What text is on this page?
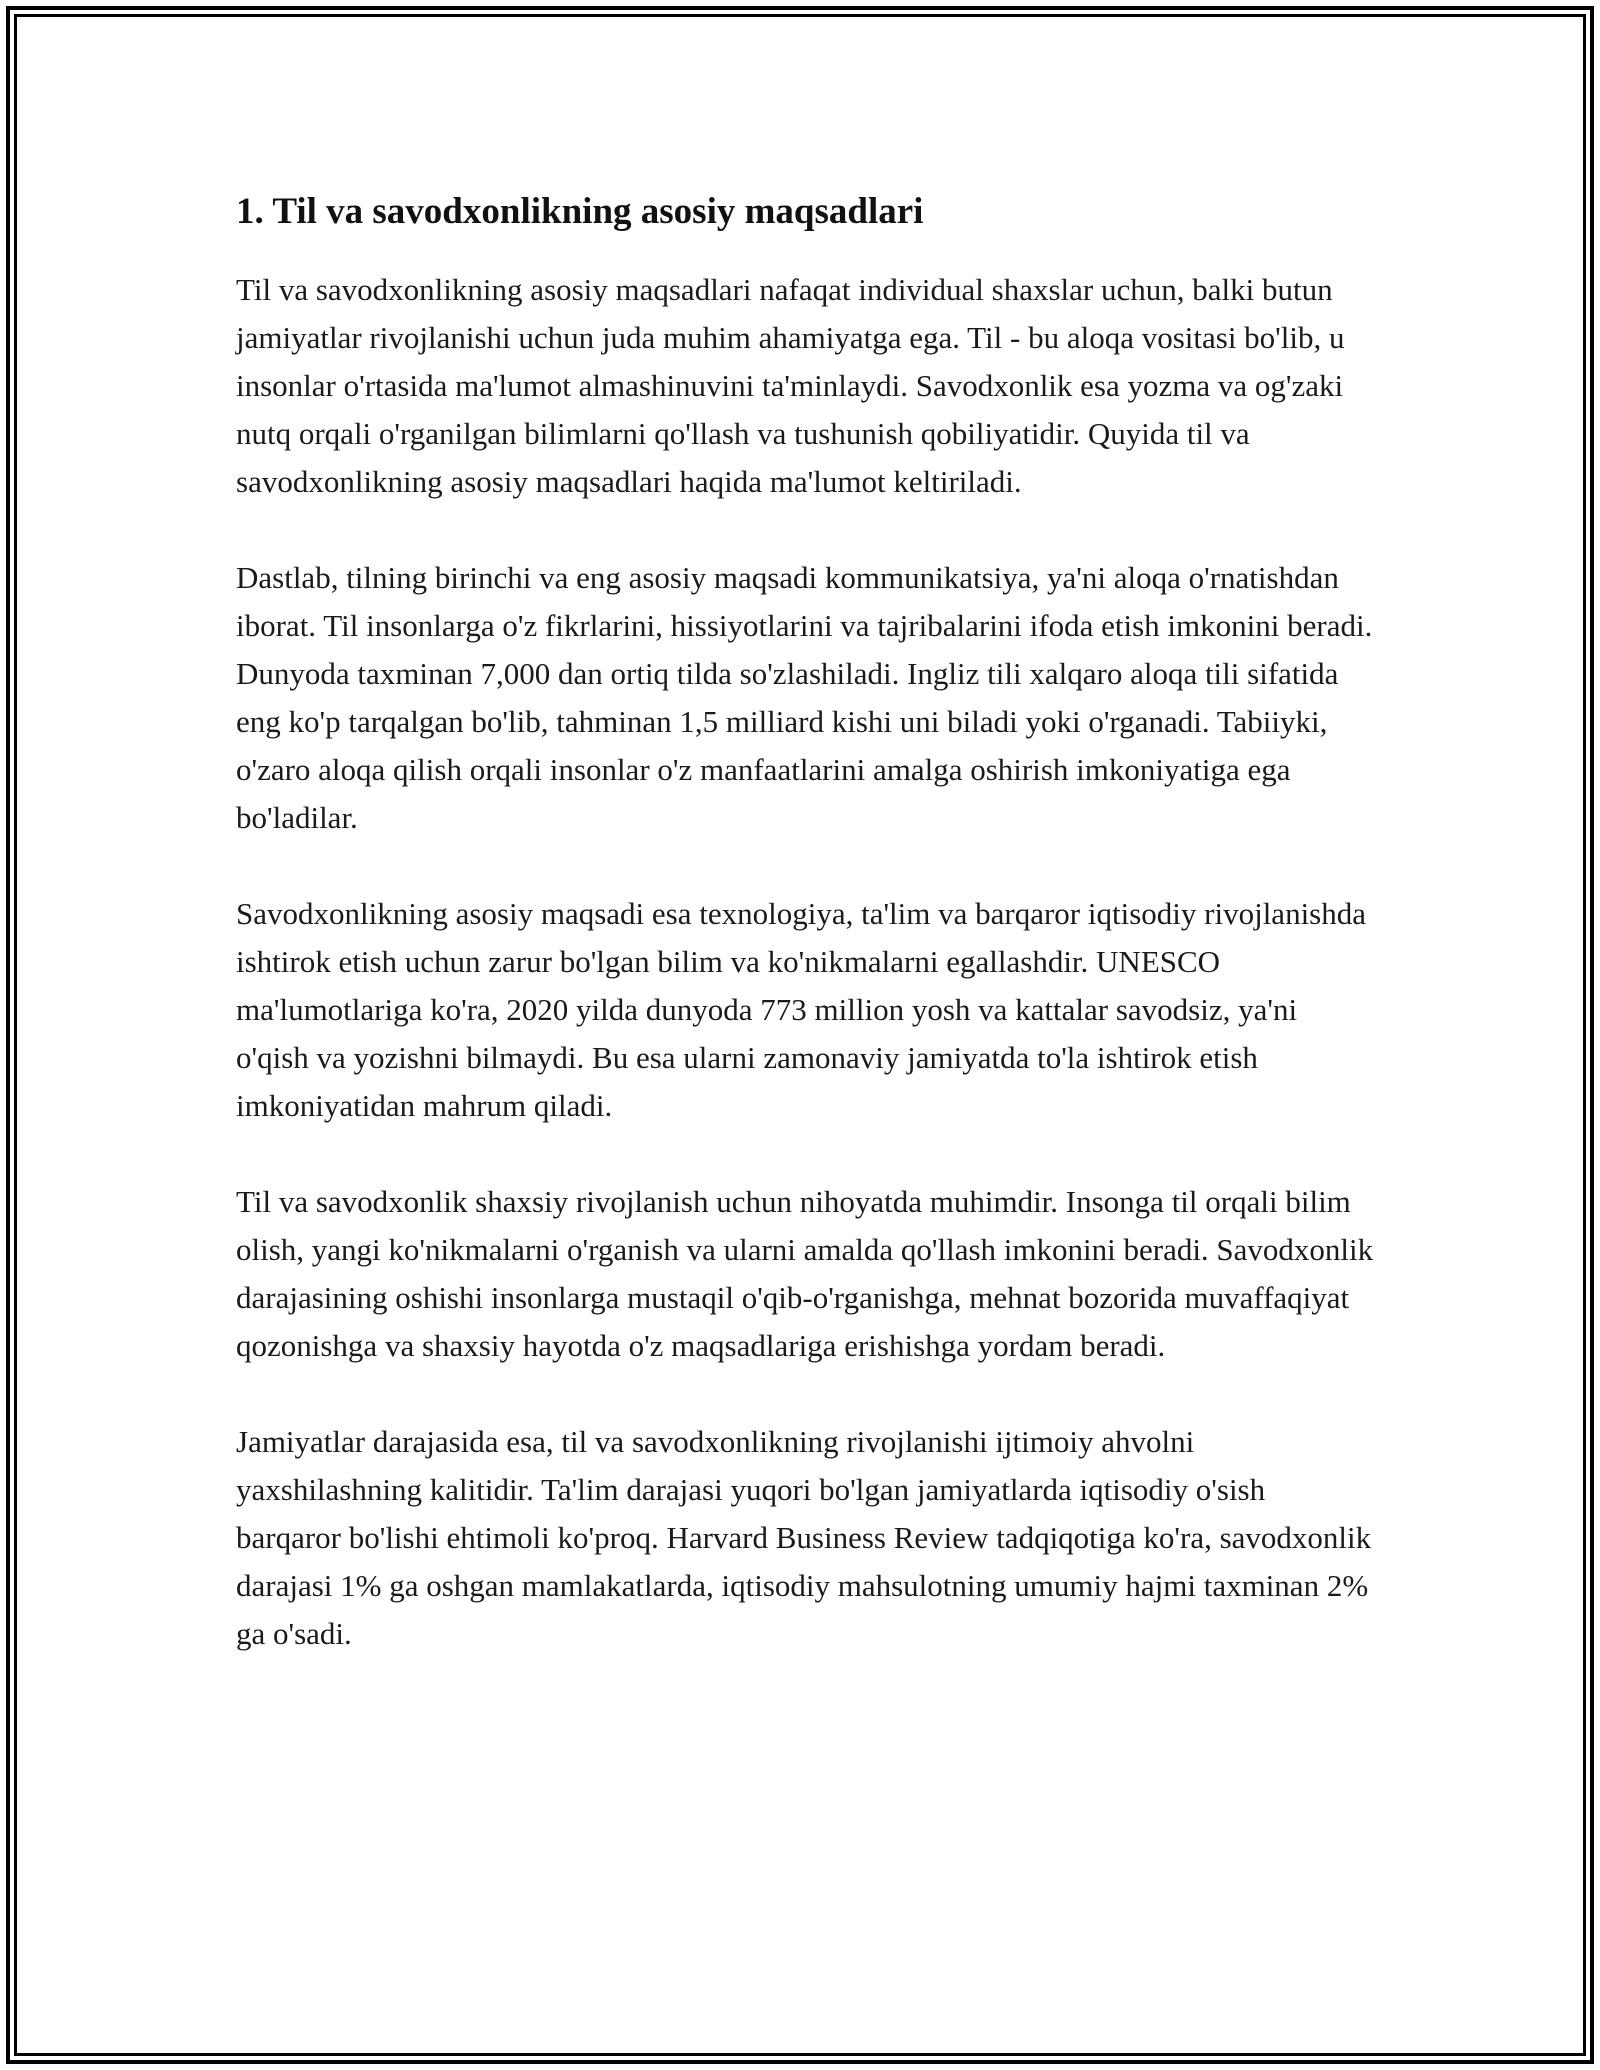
1. Til va savodxonlikning asosiy maqsadlari

Til va savodxonlikning asosiy maqsadlari nafaqat individual shaxslar uchun, balki butun jamiyatlar rivojlanishi uchun juda muhim ahamiyatga ega. Til - bu aloqa vositasi bo'lib, u insonlar o'rtasida ma'lumot almashinuvini ta'minlaydi. Savodxonlik esa yozma va og'zaki nutq orqali o'rganilgan bilimlarni qo'llash va tushunish qobiliyatidir. Quyida til va savodxonlikning asosiy maqsadlari haqida ma'lumot keltiriladi.

Dastlab, tilning birinchi va eng asosiy maqsadi kommunikatsiya, ya'ni aloqa o'rnatishdan iborat. Til insonlarga o'z fikrlarini, hissiyotlarini va tajribalarini ifoda etish imkonini beradi. Dunyoda taxminan 7,000 dan ortiq tilda so'zlashiladi. Ingliz tili xalqaro aloqa tili sifatida eng ko'p tarqalgan bo'lib, tahminan 1,5 milliard kishi uni biladi yoki o'rganadi. Tabiiyki, o'zaro aloqa qilish orqali insonlar o'z manfaatlarini amalga oshirish imkoniyatiga ega bo'ladilar.

Savodxonlikning asosiy maqsadi esa texnologiya, ta'lim va barqaror iqtisodiy rivojlanishda ishtirok etish uchun zarur bo'lgan bilim va ko'nikmalarni egallashdir. UNESCO ma'lumotlariga ko'ra, 2020 yilda dunyoda 773 million yosh va kattalar savodsiz, ya'ni o'qish va yozishni bilmaydi. Bu esa ularni zamonaviy jamiyatda to'la ishtirok etish imkoniyatidan mahrum qiladi.

Til va savodxonlik shaxsiy rivojlanish uchun nihoyatda muhimdir. Insonga til orqali bilim olish, yangi ko'nikmalarni o'rganish va ularni amalda qo'llash imkonini beradi. Savodxonlik darajasining oshishi insonlarga mustaqil o'qib-o'rganishga, mehnat bozorida muvaffaqiyat qozonishga va shaxsiy hayotda o'z maqsadlariga erishishga yordam beradi.

Jamiyatlar darajasida esa, til va savodxonlikning rivojlanishi ijtimoiy ahvolni yaxshilashning kalitidir. Ta'lim darajasi yuqori bo'lgan jamiyatlarda iqtisodiy o'sish barqaror bo'lishi ehtimoli ko'proq. Harvard Business Review tadqiqotiga ko'ra, savodxonlik darajasi 1% ga oshgan mamlakatlarda, iqtisodiy mahsulotning umumiy hajmi taxminan 2% ga o'sadi.
